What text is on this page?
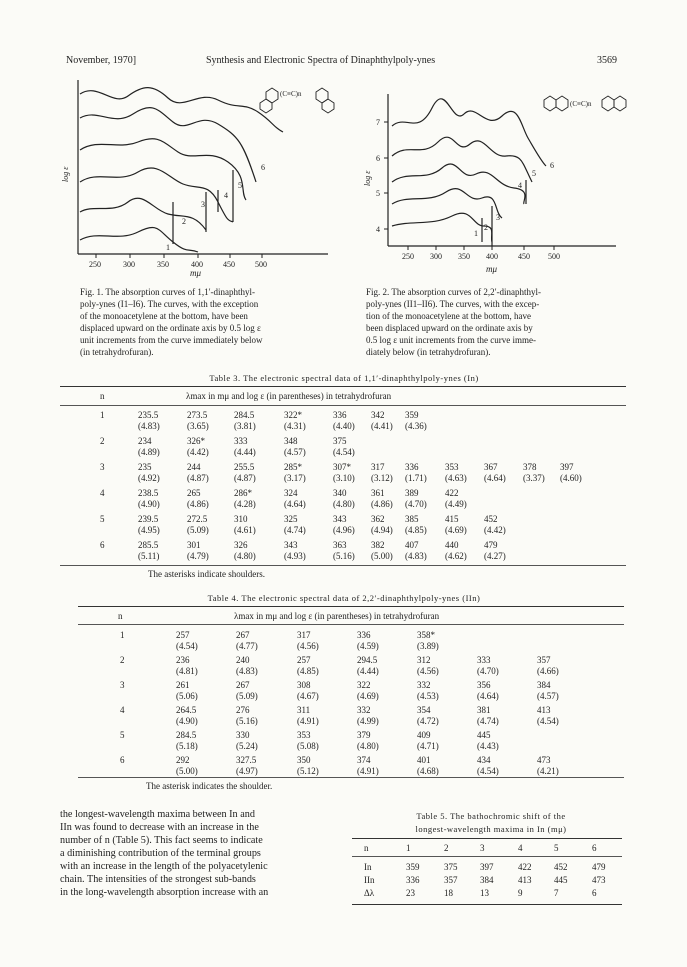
November, 1970]	Synthesis and Electronic Spectra of Dinaphthylpoly-ynes	3569
250	300	350	400	450	500
1
2
3
4
5
6
log ε
(C≡C)n
mμ
Fig. 1. The absorption curves of 1,1′-dinaphthyl-
poly-ynes (I1–I6). The curves, with the exception
of the monoacetylene at the bottom, have been
displaced upward on the ordinate axis by 0.5 log ε
unit increments from the curve immediately below
(in tetrahydrofuran).
250 300 350 400	450 500
7
6
5
4	1
2
3
4
5
6
log ε
(C≡C)n
mμ
Fig. 2. The absorption curves of 2,2′-dinaphthyl-
poly-ynes (II1–II6). The curves, with the excep-
tion of the monoacetylene at the bottom, have
been displaced upward on the ordinate axis by
0.5 log ε unit increments from the curve imme-
diately below (in tetrahydrofuran).
Table 3. The electronic spectral data of 1,1′-dinaphthylpoly-ynes (In)
n	λmax in mμ and log ε (in parentheses) in tetrahydrofuran
1	235.5	273.5	284.5	322*	336	342 359
(4.83)	(3.65)	(3.81)	(4.31)	(4.40) (4.41) (4.36)
2	234	326*	333	348	375
(4.89)	(4.42)	(4.44)	(4.57)	(4.54)
3	235	244	255.5	285*	307* 317 336	353	367	378	397
(4.92)	(4.87)	(4.87)	(3.17)	(3.10) (3.12) (1.71) (4.63) (4.64) (3.37) (4.60)
4	238.5	265	286*	324	340	361 389	422
(4.90)	(4.86)	(4.28)	(4.64)	(4.80) (4.86) (4.70) (4.49)
5	239.5	272.5	310	325	343	362 385	415	452
(4.95)	(5.09)	(4.61)	(4.74)	(4.96) (4.94) (4.85) (4.69) (4.42)
6	285.5	301	326	343	363	382 407	440	479
(5.11)	(4.79)	(4.80)	(4.93)	(5.16) (5.00) (4.83) (4.62) (4.27)
The asterisks indicate shoulders.
Table 4. The electronic spectral data of 2,2′-dinaphthylpoly-ynes (IIn)
n	λmax in mμ and log ε (in parentheses) in tetrahydrofuran
1	257	267	317	336	358*
(4.54)	(4.77)	(4.56)	(4.59)	(3.89)
2	236	240	257	294.5	312	333	357
(4.81)	(4.83)	(4.85)	(4.44)	(4.56)	(4.70)	(4.66)
3	261	267	308	322	332	356	384
(5.06)	(5.09)	(4.67)	(4.69)	(4.53)	(4.64)	(4.57)
4	264.5	276	311	332	354	381	413
(4.90)	(5.16)	(4.91)	(4.99)	(4.72)	(4.74)	(4.54)
5	284.5	330	353	379	409	445
(5.18)	(5.24)	(5.08)	(4.80)	(4.71)	(4.43)
6	292	327.5	350	374	401	434	473
(5.00)	(4.97)	(5.12)	(4.91)	(4.68)	(4.54)	(4.21)
The asterisk indicates the shoulder.
the longest-wavelength maxima between In and
IIn was found to decrease with an increase in the
number of n (Table 5). This fact seems to indicate
a diminishing contribution of the terminal groups
with an increase in the length of the polyacetylenic
chain. The intensities of the strongest sub-bands
in the long-wavelength absorption increase with an
Table 5. The bathochromic shift of the
longest-wavelength maxima in In (mμ)
n	1	2	3	4	5	6
In	359	375	397	422	452	479
IIn	336	357	384	413	445	473
Δλ	23	18	13	9	7	6
